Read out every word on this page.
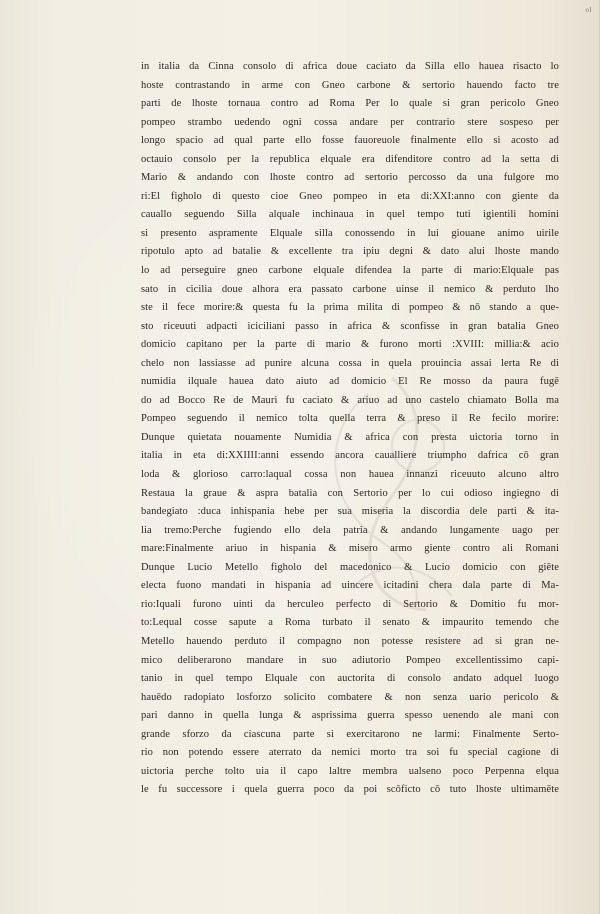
ol
in italia da Cinna consolo di africa doue caciato da Silla ello hauea risacto lo
hoste contrastando in arme con Gneo carbone & sertorio hauendo facto tre
parti de lhoste tornaua contro ad Roma Per lo quale si gran pericolo Gneo
pompeo strambo uedendo ogni cossa andare per contrario stere sospeso per
longo spacio ad qual parte ello fosse fauoreuole finalmente ello si acosto ad
octauio consolo per la republica elquale era difenditore contro ad la setta di
Mario & andando con lhoste contro ad sertorio percosso da una fulgore mo
ri:El figholo di questo cioe Gneo pompeo in eta di:XXI:anno con giente da
cauallo seguendo Silla alquale inchinaua in quel tempo tuti igientili homini
si presento aspramente Elquale silla conossendo in lui giouane animo uirile
ripotulo apto ad batalie & excellente tra ipiu degni & dato alui lhoste mando
lo ad perseguire gneo carbone elquale difendea la parte di mario:Elquale pas
sato in cicilia doue alhora era passato carbone uinse il nemico & perduto lho
ste il fece morire:& questa fu la prima milita di pompeo & nō stando a que-
sto riceuuti adpacti iciciliani passo in africa & sconfisse in gran batalia Gneo
domicio capitano per la parte di mario & furono morti :XVIII: millia:& acio
chelo non lassiasse ad punire alcuna cossa in quela prouincia assai lerta Re di
numidia ilquale hauea dato aiuto ad domicio El Re mosso da paura fugē
do ad Bocco Re de Mauri fu caciato & ariuo ad uno castelo chiamato Bolla ma
Pompeo seguendo il nemico tolta quella terra & preso il Re fecilo morire:
Dunque quietata nouamente Numidia & africa con presta uictoria torno in
italia in eta di:XXIIII:anni essendo ancora caualliere triumpho dafrica cō gran
loda & glorioso carro:laqual cossa non hauea innanzi riceuuto alcuno altro
Restaua la graue & aspra batalia con Sertorio per lo cui odioso ingiegno di
bandegiato :duca inhispania hebe per sua miseria la discordia dele parti & ita-
lia tremo:Perche fugiendo ello dela patria & andando lungamente uago per
mare:Finalmente ariuo in hispania & misero armo giente contro ali Romani
Dunque Lucio Metello figholo del macedonico & Lucio domicio con giēte
electa fuono mandati in hispania ad uincere icitadini chera dala parte di Ma-
rio:Iquali furono uinti da herculeo perfecto di Sertorio & Domitio fu mor-
to:Lequal cosse sapute a Roma turbato il senato & impaurito temendo che
Metello hauendo perduto il compagno non potesse resistere ad si gran ne-
mico deliberarono mandare in suo adiutorio Pompeo excellentissimo capi-
tanio in quel tempo Elquale con auctorita di consolo andato adquel luogo
hauēdo radopiato losforzo solicito combatere & non senza uario pericolo &
pari danno in quella lunga & asprissima guerra spesso uenendo ale mani con
grande sforzo da ciascuna parte si exercitarono ne larmi: Finalmente Serto-
rio non potendo essere aterrato da nemici morto tra soi fu special cagione di
uictoria perche tolto uia il capo laltre membra ualseno poco Perpenna elqua
le fu successore i quela guerra poco da poi scōficto cō tuto lhoste ultimamēte
